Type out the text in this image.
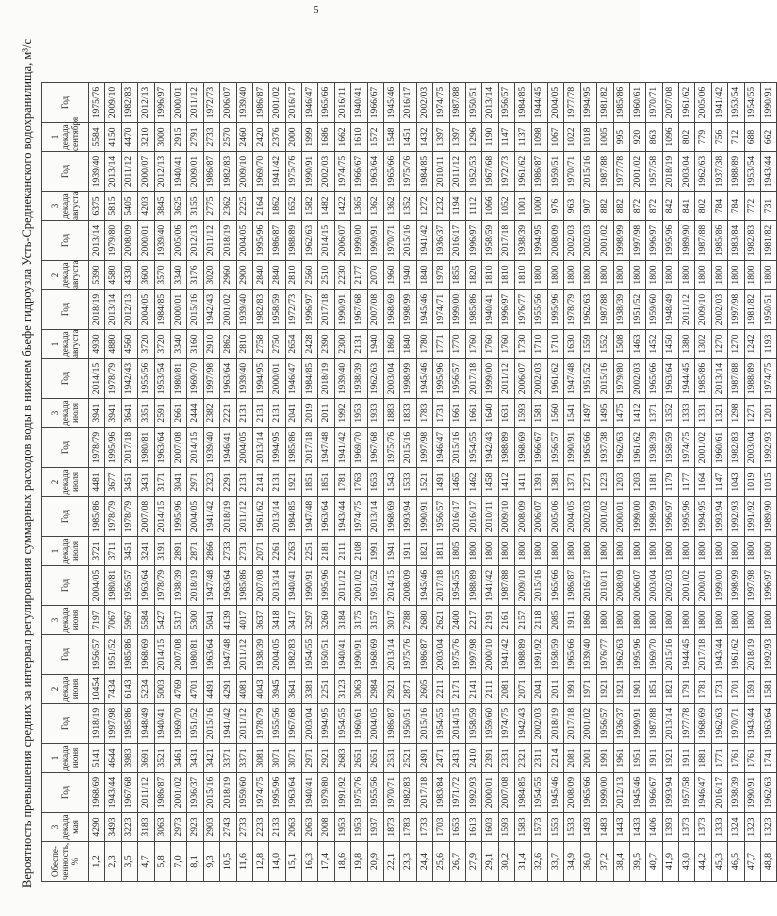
5
Вероятность превышения средних за интервал регулирования суммарных расходов воды в нижнем бьефе гидроузла Усть-Среднеканского водохранилища, м³/с Обеспе-ченность, %	3 декада мая	Год	1 декада июня	Год	2 декада июня	Год	3 декада июня	Год	1 декада июля	Год	2 декада июля	Год	3 декада июля	Год	1 декада августа	Год	2 декада августа	Год	3 декада августа	Год	1 декада сентября	Год
1,2	4290	1968/69	5141	1918/19	10454	1956/57	7197	2004/05	3721	1985/86	4481	1978/79	3941	2014/15	4930	2018/19	5390	2013/14	6375	1939/40	5584	1975/76
2,3	3493	1943/44	4644	1997/98	7434	1951/52	7067	1980/81	3711	1978/79	3677	1995/96	3941	1978/79	4880	2013/14	4580	1979/80	5815	2013/14	4150	2009/10
3,5	3223	1967/68	3983	1985/86	6143	1985/86	5967	1956/57	3451	1978/79	3451	2017/18	3641	1942/43	4560	2012/13	4330	2008/09	5405	2011/12	4470	1982/83
4,7	3183	2011/12	3691	1948/49	5234	1968/69	5584	1963/64	3241	2007/08	3431	1980/81	3351	1955/56	3720	2004/05	3600	2000/01	4203	2000/07	3210	2012/13
5,8	3063	1986/87	3521	1940/41	5003	2014/15	5427	1978/79	3191	2014/15	3171	1963/64	2591	1953/54	3720	1984/85	3570	1939/40	3845	2012/13	3000	1996/97
7,0	2973	2001/02	3461	1969/70	4769	2007/08	5317	1938/39	2891	1995/96	3041	2007/08	2661	1980/81	3340	2000/01	3340	2005/06	3625	1940/41	2915	2000/01
8,1	2923	1936/37	3431	1951/52	4701	1980/81	5300	2018/19	2871	2004/05	2971	2014/15	2444	1969/70	3160	2015/16	3176	2012/13	3155	2009/01	2791	2011/12
9,3	2903	2015/16	3421	2015/16	4491	1963/64	5041	1947/48	2866	1941/42	2323	1939/40	2382	1997/98	2910	1942/43	3020	2011/12	2775	1986/87	2733	1972/73
10,5	2743	2018/19	3371	1941/42	4291	1947/48	4139	1963/64	2733	2018/19	2291	1946/41	2221	1963/64	2862	2001/02	2960	2018/19	2362	1982/83	2570	2006/07
11,6	2733	1959/60	3371	2011/12	4081	2011/12	4017	1985/86	2731	2011/12	2131	2004/05	2131	1939/40	2810	1939/40	2900	2004/05	2225	2009/10	2460	1939/40
12,8	2233	1974/75	3081	1978/79	4043	1938/39	3637	2007/08	2071	1961/62	2141	2013/14	2131	1994/95	2758	1982/83	2840	1995/96	2164	1969/70	2420	1986/87
14,0	2133	1995/96	3071	1955/56	3945	2004/05	3418	2013/14	2261	2013/14	2131	1994/95	2131	2000/01	2750	1958/59	2840	1986/87	1862	1941/42	2376	2001/02
15,1	2063	1963/64	3071	1967/68	3641	1982/83	3417	1940/41	2263	1984/85	1921	1985/86	2041	1946/47	2654	1972/73	2810	1988/89	1652	1975/76	2000	2016/17
16,3	2063	1940/41	2971	2003/04	3381	1954/55	3297	1990/91	2251	1947/48	1851	2017/18	2019	1984/85	2428	1996/97	2560	1962/63	1582	1990/91	1999	1946/47
17,4	2008	1979/80	2921	1994/95	2251	1950/51	3260	1995/96	2181	1963/64	1851	1947/48	2011	2018/19	2390	2017/18	2510	2014/15	1482	2002/03	1686	1965/66
18,6	1953	1991/92	2683	1954/55	3123	1940/41	3184	2011/12	2111	1943/44	1781	1941/42	1992	1939/40	2300	1990/91	2230	2006/07	1422	1974/75	1662	2016/11
19,8	1953	1975/76	2651	1960/61	3063	1990/91	3175	2001/02	2108	1974/75	1763	1969/70	1953	1938/39	2131	1967/68	2177	1999/00	1365	1966/67	1610	1940/41
20,9	1937	1955/56	2651	2004/05	2984	1968/69	3157	1951/52	1991	2013/14	1653	1967/68	1933	1962/63	1940	2007/08	2070	1990/91	1362	1963/64	1572	1966/67
22,1	1873	1970/71	2531	1986/87	2921	2013/14	3017	2014/15	1941	1968/69	1543	1975/76	1883	2003/04	1860	1968/69	1960	1970/71	1362	1965/66	1548	1945/46
23,3	1783	1982/83	2521	1950/51	2871	1975/76	2788	2008/09	1911	1993/94	1533	2015/16	1833	1998/99	1840	1998/99	1940	2015/16	1352	1975/76	1451	2016/17
24,4	1733	2017/18	2491	2015/16	2605	1986/87	2680	1945/46	1821	1990/91	1521	1997/98	1783	1945/46	1780	1945/46	1840	1941/42	1272	1984/85	1432	2002/03
25,6	1703	1983/84	2471	1954/55	2211	2003/04	2621	2017/18	1811	1956/57	1491	1946/47	1731	1995/96	1771	1974/71	1978	1936/37	1232	2010/11	1397	1974/75
26,7	1653	1971/72	2431	2014/15	2171	1975/76	2400	1954/55	1805	2016/17	1465	2015/16	1661	1956/57	1770	1999/00	1855	2016/17	1194	2011/12	1397	1987/88
27,9	1613	1992/93	2410	1958/59	2141	1997/98	2217	1988/89	1800	2016/17	1462	1954/55	1661	2017/18	1760	1985/86	1820	1996/97	1112	1952/53	1296	1950/51
29,1	1603	2000/01	2391	1959/60	2111	2000/10	2191	1941/42	1800	2010/11	1458	1942/43	1640	1999/00	1760	1940/41	1810	1958/59	1066	1967/68	1190	2013/14
30,2	1593	2007/08	2331	1974/75	2081	1941/42	2161	1987/88	1800	2009/10	1412	1988/89	1631	2011/12	1760	1996/97	1810	2017/18	1052	1972/73	1147	1956/57
31,4	1583	1984/85	2321	1942/43	2071	1988/89	2157	2009/10	1800	2008/09	1411	1968/69	1593	2006/07	1730	1976/77	1810	1938/39	1001	1961/62	1137	1984/85
32,6	1573	1954/55	2311	2002/03	2041	1991/92	2118	2015/16	1800	2006/07	1391	1966/67	1581	2002/03	1710	1955/56	1800	1994/95	1000	1986/87	1098	1944/45
33,7	1553	1945/46	2214	2018/19	2011	1958/59	2085	1965/66	1800	2005/06	1381	1956/57	1560	1961/62	1710	1995/96	1800	2008/09	976	1959/51	1067	2004/05
34,9	1533	2008/09	2081	2017/18	1991	1965/66	1911	1986/87	1800	2004/05	1371	1990/91	1541	1947/48	1630	1978/79	1800	2002/03	963	1970/71	1022	1977/78
36,0	1493	1965/66	2001	2001/02	1971	1939/40	1860	2016/17	1800	2002/03	1271	1965/66	1497	1951/52	1559	1962/63	1800	2002/03	907	2015/16	1018	1994/95
37,2	1483	1999/00	1991	1956/57	1921	1976/77	1800	2010/11	1800	2001/02	1223	1937/38	1495	2015/16	1552	1987/88	1800	2001/02	882	1987/88	1005	1981/82
38,4	1443	2012/13	1961	1936/37	1921	1962/63	1800	2008/09	1800	2000/01	1203	1962/63	1475	1979/80	1508	1938/39	1800	1998/99	882	1977/78	995	1985/86
39,5	1433	1945/46	1951	1990/91	1901	1995/96	1800	2006/07	1800	1999/00	1203	1961/62	1412	2002/03	1463	1951/52	1800	1997/98	872	2001/02	920	1960/61
40,7	1406	1966/67	1911	1987/88	1851	1969/70	1800	2003/04	1800	1998/99	1181	1938/39	1371	1965/66	1452	1959/60	1800	1996/97	872	1957/58	863	1970/71
41,9	1393	1993/94	1921	2013/14	1821	2015/16	1800	2002/03	1800	1996/97	1179	1958/59	1352	1963/64	1450	1948/49	1800	1995/96	842	2018/19	1096	2007/08
43,0	1373	1957/58	1911	1977/78	1791	1944/45	1800	2001/02	1800	1995/96	1177	1974/75	1333	1944/45	1380	2011/12	1800	1989/90	841	2003/04	802	1961/62
44,2	1373	1946/47	1881	1968/69	1781	2017/18	1800	2000/01	1800	1994/95	1164	2001/02	1331	1985/86	1302	2009/10	1800	1987/88	802	1962/63	779	2005/06
45,3	1333	2016/17	1771	1962/63	1731	1943/44	1800	1999/00	1800	1993/94	1147	1960/61	1321	2013/14	1270	2002/03	1800	1985/86	784	1937/38	756	1941/42
46,5	1324	1938/39	1761	1970/71	1701	1961/62	1800	1998/99	1800	1992/93	1043	1982/83	1298	1987/88	1270	1997/98	1800	1983/84	784	1988/89	712	1953/54
47,7	1323	1990/91	1761	1943/44	1591	2018/19	1800	1997/98	1800	1991/92	1019	2003/04	1271	1988/89	1242	1981/82	1800	1982/83	772	1953/54	688	1954/55
48,8	1323	1962/63	1741	1963/64	1581	1992/93	1800	1996/97	1800	1989/90	1015	1992/93	1201	1974/75	1193	1950/51	1800	1981/82	731	1943/44	662	1990/91
